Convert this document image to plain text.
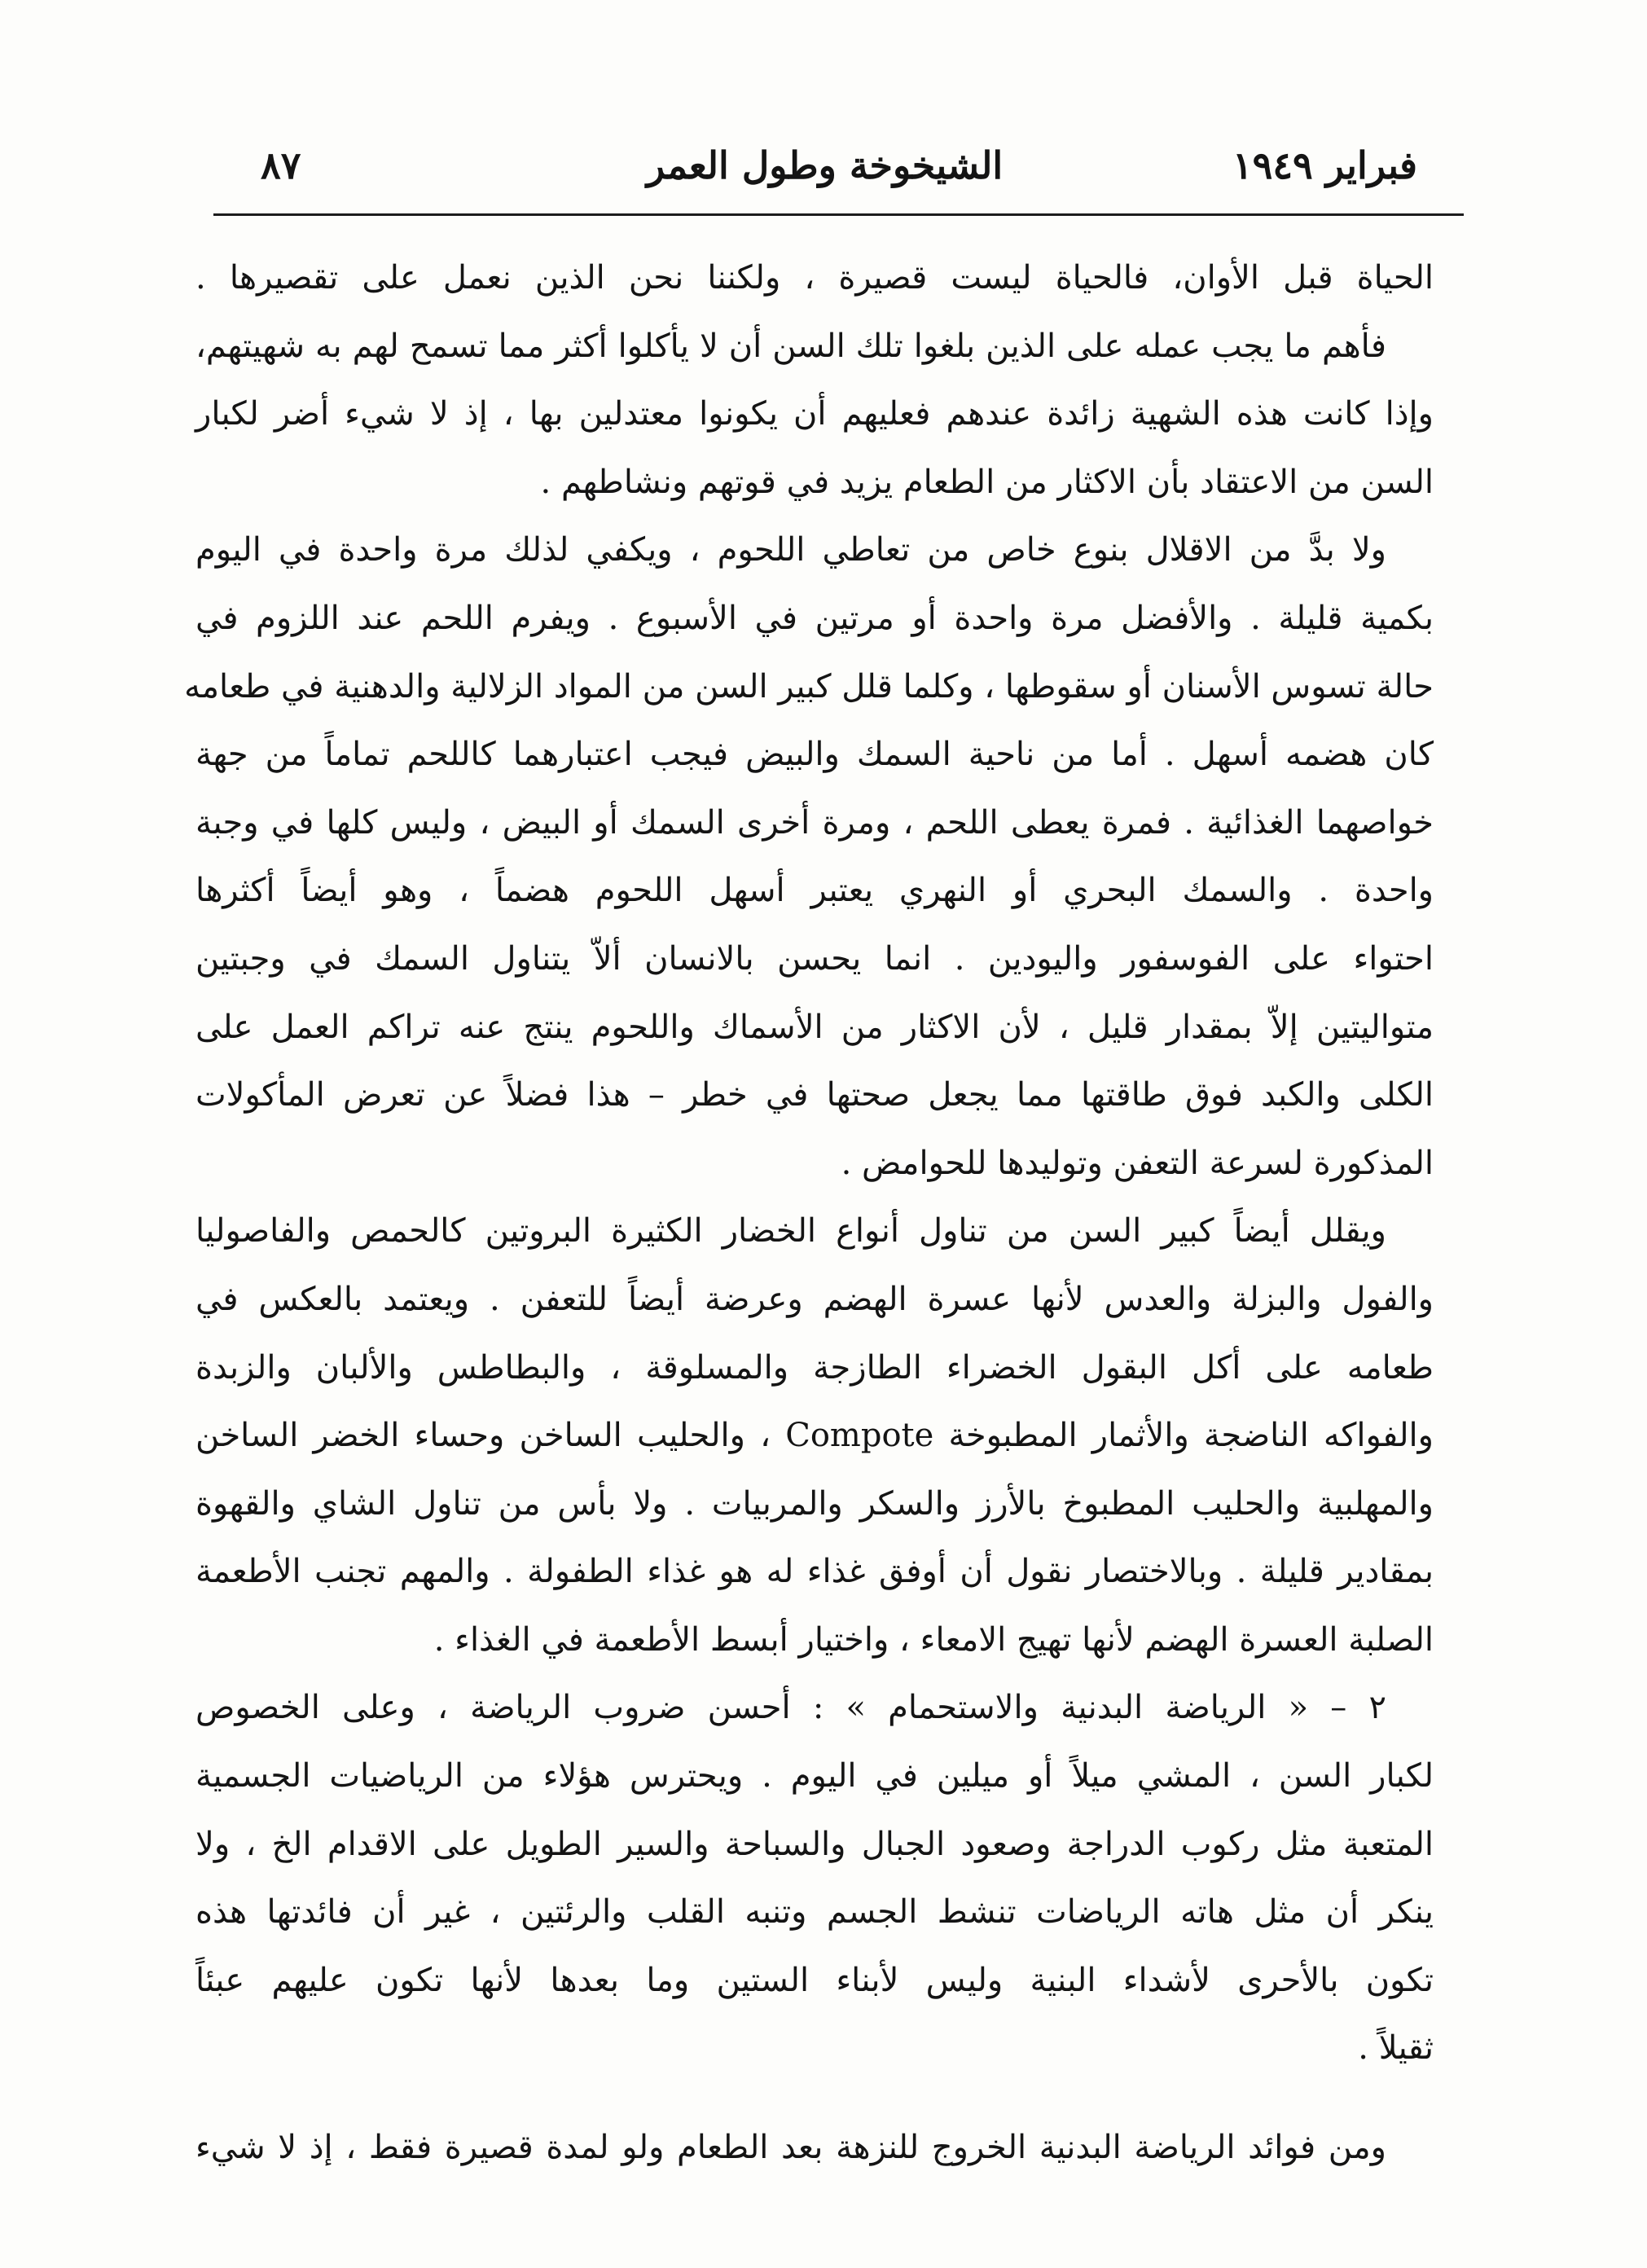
٨٧	الشيخوخة وطول العمر	فبراير ١٩٤٩
الحياة قبل الأوان، فالحياة ليست قصيرة ، ولكننا نحن الذين نعمل على تقصيرها .
فأهم ما يجب عمله على الذين بلغوا تلك السن أن لا يأكلوا أكثر مما تسمح لهم به شهيتهم،
وإذا كانت هذه الشهية زائدة عندهم فعليهم أن يكونوا معتدلين بها ، إذ لا شيء أضر لكبار
السن من الاعتقاد بأن الاكثار من الطعام يزيد في قوتهم ونشاطهم .
ولا بدَّ من الاقلال بنوع خاص من تعاطي اللحوم ، ويكفي لذلك مرة واحدة في اليوم
بكمية قليلة . والأفضل مرة واحدة أو مرتين في الأسبوع . ويفرم اللحم عند اللزوم في
حالة تسوس الأسنان أو سقوطها ، وكلما قلل كبير السن من المواد الزلالية والدهنية في طعامه
كان هضمه أسهل . أما من ناحية السمك والبيض فيجب اعتبارهما كاللحم تماماً من جهة
خواصهما الغذائية . فمرة يعطى اللحم ، ومرة أخرى السمك أو البيض ، وليس كلها في وجبة
واحدة . والسمك البحري أو النهري يعتبر أسهل اللحوم هضماً ، وهو أيضاً أكثرها
احتواء على الفوسفور واليودين . انما يحسن بالانسان ألاّ يتناول السمك في وجبتين
متواليتين إلاّ بمقدار قليل ، لأن الاكثار من الأسماك واللحوم ينتج عنه تراكم العمل على
الكلى والكبد فوق طاقتها مما يجعل صحتها في خطر – هذا فضلاً عن تعرض المأكولات
المذكورة لسرعة التعفن وتوليدها للحوامض .
ويقلل أيضاً كبير السن من تناول أنواع الخضار الكثيرة البروتين كالحمص والفاصوليا
والفول والبزلة والعدس لأنها عسرة الهضم وعرضة أيضاً للتعفن . ويعتمد بالعكس في
طعامه على أكل البقول الخضراء الطازجة والمسلوقة ، والبطاطس والألبان والزبدة
والفواكه الناضجة والأثمار المطبوخة Compote ، والحليب الساخن وحساء الخضر الساخن
والمهلبية والحليب المطبوخ بالأرز والسكر والمربيات . ولا بأس من تناول الشاي والقهوة
بمقادير قليلة . وبالاختصار نقول أن أوفق غذاء له هو غذاء الطفولة . والمهم تجنب الأطعمة
الصلبة العسرة الهضم لأنها تهيج الامعاء ، واختيار أبسط الأطعمة في الغذاء .
٢ – « الرياضة البدنية والاستحمام » : أحسن ضروب الرياضة ، وعلى الخصوص
لكبار السن ، المشي ميلاً أو ميلين في اليوم . ويحترس هؤلاء من الرياضيات الجسمية
المتعبة مثل ركوب الدراجة وصعود الجبال والسباحة والسير الطويل على الاقدام الخ ، ولا
ينكر أن مثل هاته الرياضات تنشط الجسم وتنبه القلب والرئتين ، غير أن فائدتها هذه
تكون بالأحرى لأشداء البنية وليس لأبناء الستين وما بعدها لأنها تكون عليهم عبئاً
ثقيلاً .
ومن فوائد الرياضة البدنية الخروج للنزهة بعد الطعام ولو لمدة قصيرة فقط ، إذ لا شيء
